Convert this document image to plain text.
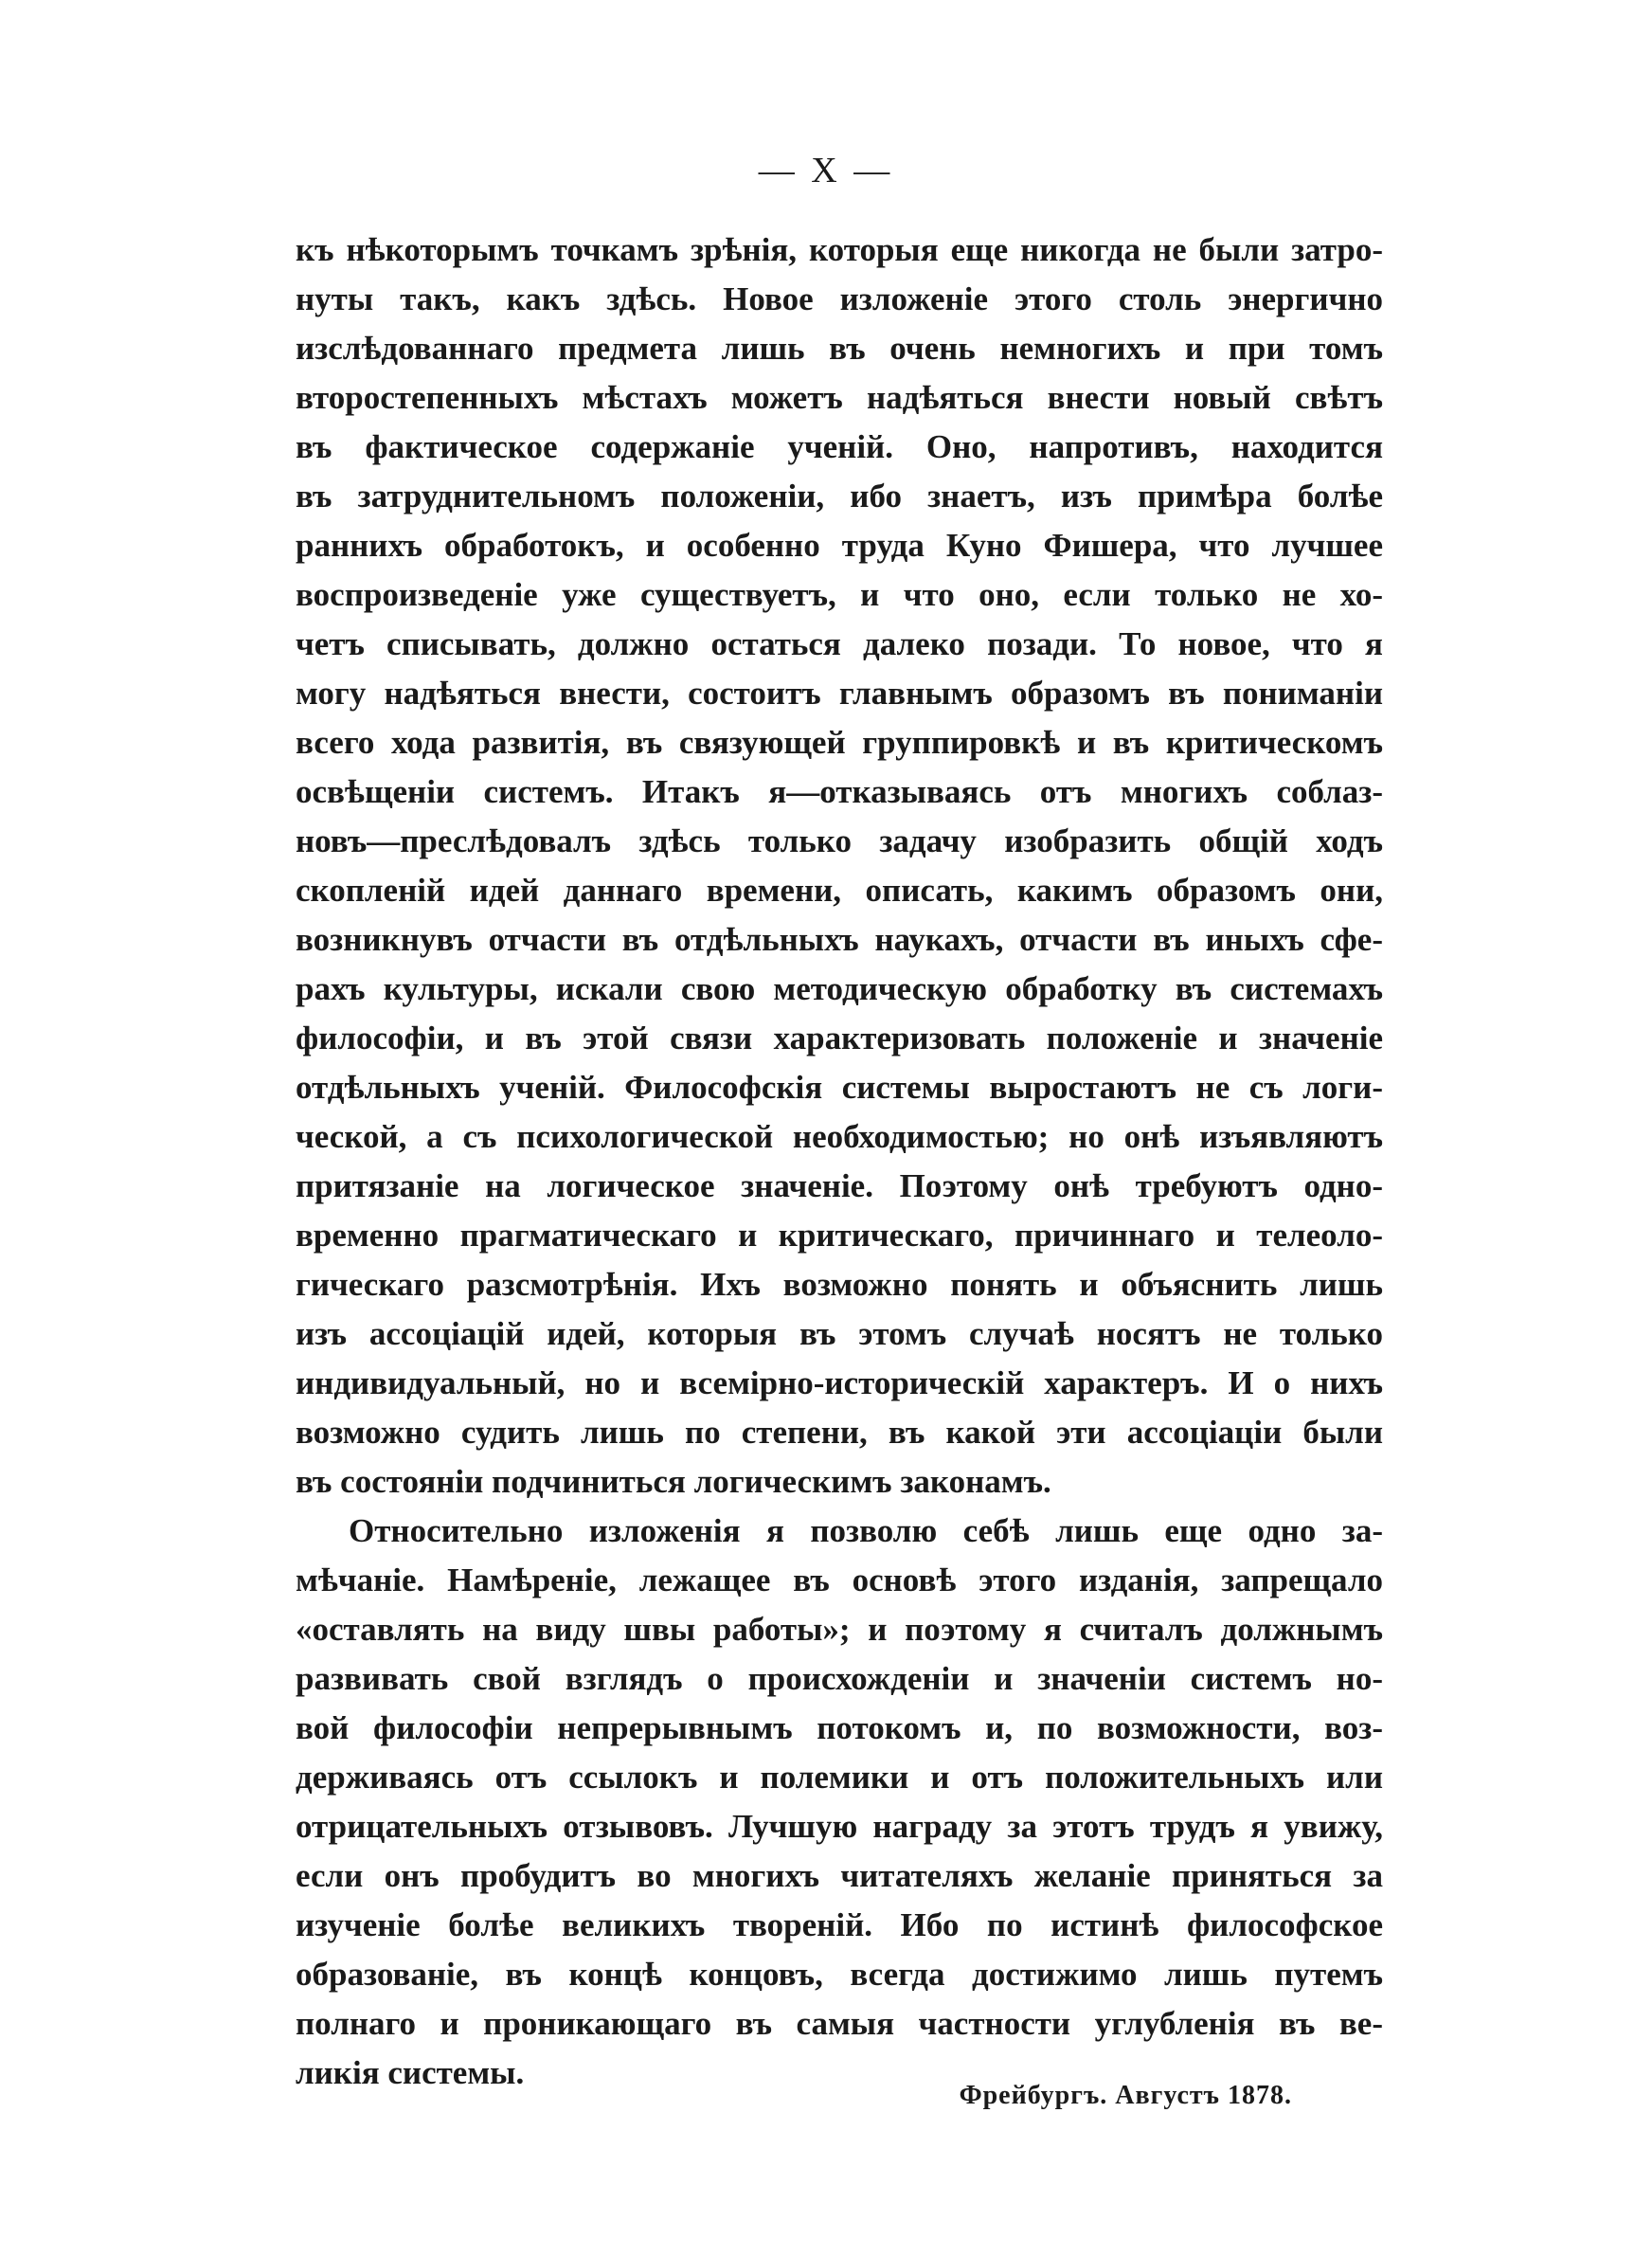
— X —
къ нѣкоторымъ точкамъ зрѣнія, которыя еще никогда не были затро-
нуты такъ, какъ здѣсь. Новое изложеніе этого столь энергично
изслѣдованнаго предмета лишь въ очень немногихъ и при томъ
второстепенныхъ мѣстахъ можетъ надѣяться внести новый свѣтъ
въ фактическое содержаніе ученій. Оно, напротивъ, находится
въ затруднительномъ положеніи, ибо знаетъ, изъ примѣра болѣе
раннихъ обработокъ, и особенно труда Куно Фишера, что лучшее
воспроизведеніе уже существуетъ, и что оно, если только не хо-
четъ списывать, должно остаться далеко позади. То новое, что я
могу надѣяться внести, состоитъ главнымъ образомъ въ пониманіи
всего хода развитія, въ связующей группировкѣ и въ критическомъ
освѣщеніи системъ. Итакъ я—отказываясь отъ многихъ соблаз-
новъ—преслѣдовалъ здѣсь только задачу изобразить общій ходъ
скопленій идей даннаго времени, описать, какимъ образомъ они,
возникнувъ отчасти въ отдѣльныхъ наукахъ, отчасти въ иныхъ сфе-
рахъ культуры, искали свою методическую обработку въ системахъ
философіи, и въ этой связи характеризовать положеніе и значеніе
отдѣльныхъ ученій. Философскія системы выростаютъ не съ логи-
ческой, а съ психологической необходимостью; но онѣ изъявляютъ
притязаніе на логическое значеніе. Поэтому онѣ требуютъ одно-
временно прагматическаго и критическаго, причиннаго и телеоло-
гическаго разсмотрѣнія. Ихъ возможно понять и объяснить лишь
изъ ассоціацій идей, которыя въ этомъ случаѣ носятъ не только
индивидуальный, но и всемірно-историческій характеръ. И о нихъ
возможно судить лишь по степени, въ какой эти ассоціаціи были
въ состояніи подчиниться логическимъ законамъ.
Относительно изложенія я позволю себѣ лишь еще одно за-
мѣчаніе. Намѣреніе, лежащее въ основѣ этого изданія, запрещало
«оставлять на виду швы работы»; и поэтому я считалъ должнымъ
развивать свой взглядъ о происхожденіи и значеніи системъ но-
вой философіи непрерывнымъ потокомъ и, по возможности, воз-
держиваясь отъ ссылокъ и полемики и отъ положительныхъ или
отрицательныхъ отзывовъ. Лучшую награду за этотъ трудъ я увижу,
если онъ пробудитъ во многихъ читателяхъ желаніе приняться за
изученіе болѣе великихъ твореній. Ибо по истинѣ философское
образованіе, въ концѣ концовъ, всегда достижимо лишь путемъ
полнаго и проникающаго въ самыя частности углубленія въ ве-
ликія системы.
Фрейбургъ. Августъ 1878.
